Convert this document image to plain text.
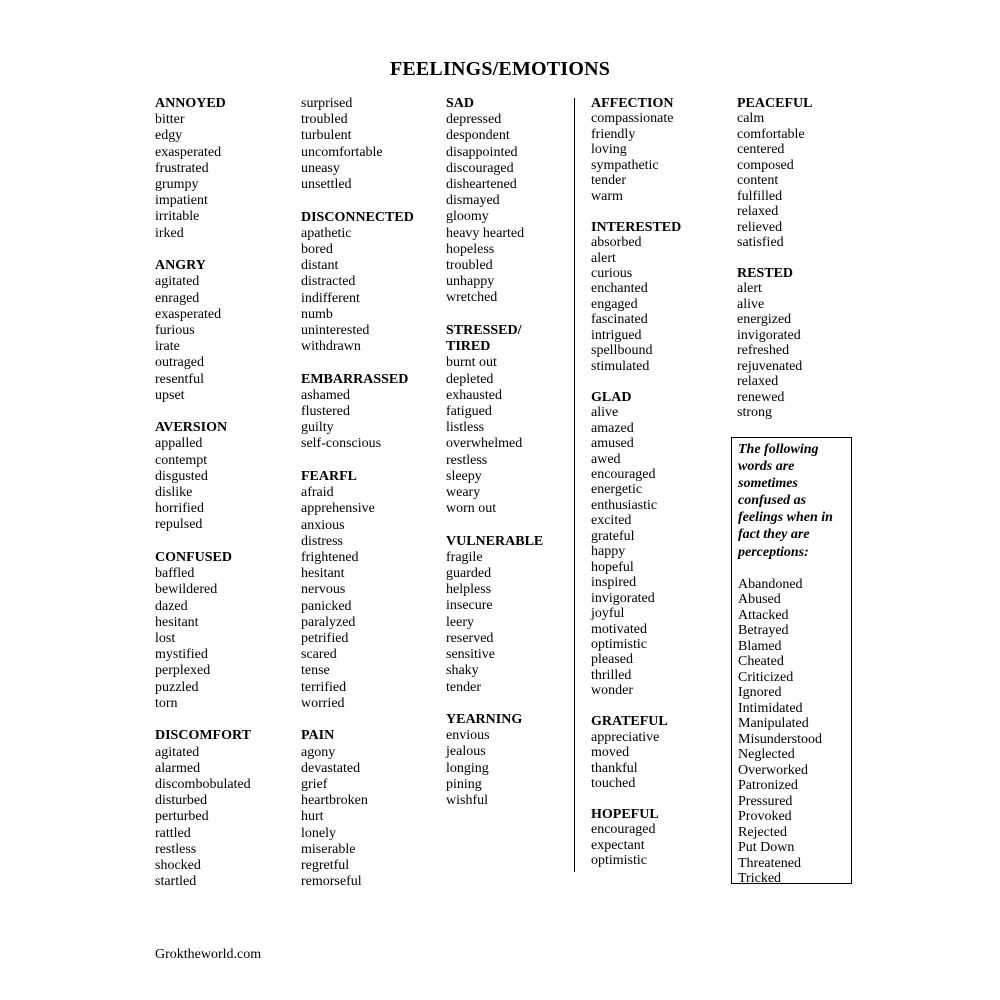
FEELINGS/EMOTIONS
ANNOYED
bitter
edgy
exasperated
frustrated
grumpy
impatient
irritable
irked
ANGRY
agitated
enraged
exasperated
furious
irate
outraged
resentful
upset
AVERSION
appalled
contempt
disgusted
dislike
horrified
repulsed
CONFUSED
baffled
bewildered
dazed
hesitant
lost
mystified
perplexed
puzzled
torn
DISCOMFORT
agitated
alarmed
discombobulated
disturbed
perturbed
rattled
restless
shocked
startled
surprised
troubled
turbulent
uncomfortable
uneasy
unsettled
DISCONNECTED
apathetic
bored
distant
distracted
indifferent
numb
uninterested
withdrawn
EMBARRASSED
ashamed
flustered
guilty
self-conscious
FEARFL
afraid
apprehensive
anxious
distress
frightened
hesitant
nervous
panicked
paralyzed
petrified
scared
tense
terrified
worried
PAIN
agony
devastated
grief
heartbroken
hurt
lonely
miserable
regretful
remorseful
SAD
depressed
despondent
disappointed
discouraged
disheartened
dismayed
gloomy
heavy hearted
hopeless
troubled
unhappy
wretched
STRESSED/
TIRED
burnt out
depleted
exhausted
fatigued
listless
overwhelmed
restless
sleepy
weary
worn out
VULNERABLE
fragile
guarded
helpless
insecure
leery
reserved
sensitive
shaky
tender
YEARNING
envious
jealous
longing
pining
wishful
AFFECTION
compassionate
friendly
loving
sympathetic
tender
warm
INTERESTED
absorbed
alert
curious
enchanted
engaged
fascinated
intrigued
spellbound
stimulated
GLAD
alive
amazed
amused
awed
encouraged
energetic
enthusiastic
excited
grateful
happy
hopeful
inspired
invigorated
joyful
motivated
optimistic
pleased
thrilled
wonder
GRATEFUL
appreciative
moved
thankful
touched
HOPEFUL
encouraged
expectant
optimistic
PEACEFUL
calm
comfortable
centered
composed
content
fulfilled
relaxed
relieved
satisfied
RESTED
alert
alive
energized
invigorated
refreshed
rejuvenated
relaxed
renewed
strong
The following
words are
sometimes
confused as
feelings when in
fact they are
perceptions:
Abandoned
Abused
Attacked
Betrayed
Blamed
Cheated
Criticized
Ignored
Intimidated
Manipulated
Misunderstood
Neglected
Overworked
Patronized
Pressured
Provoked
Rejected
Put Down
Threatened
Tricked
Groktheworld.com
